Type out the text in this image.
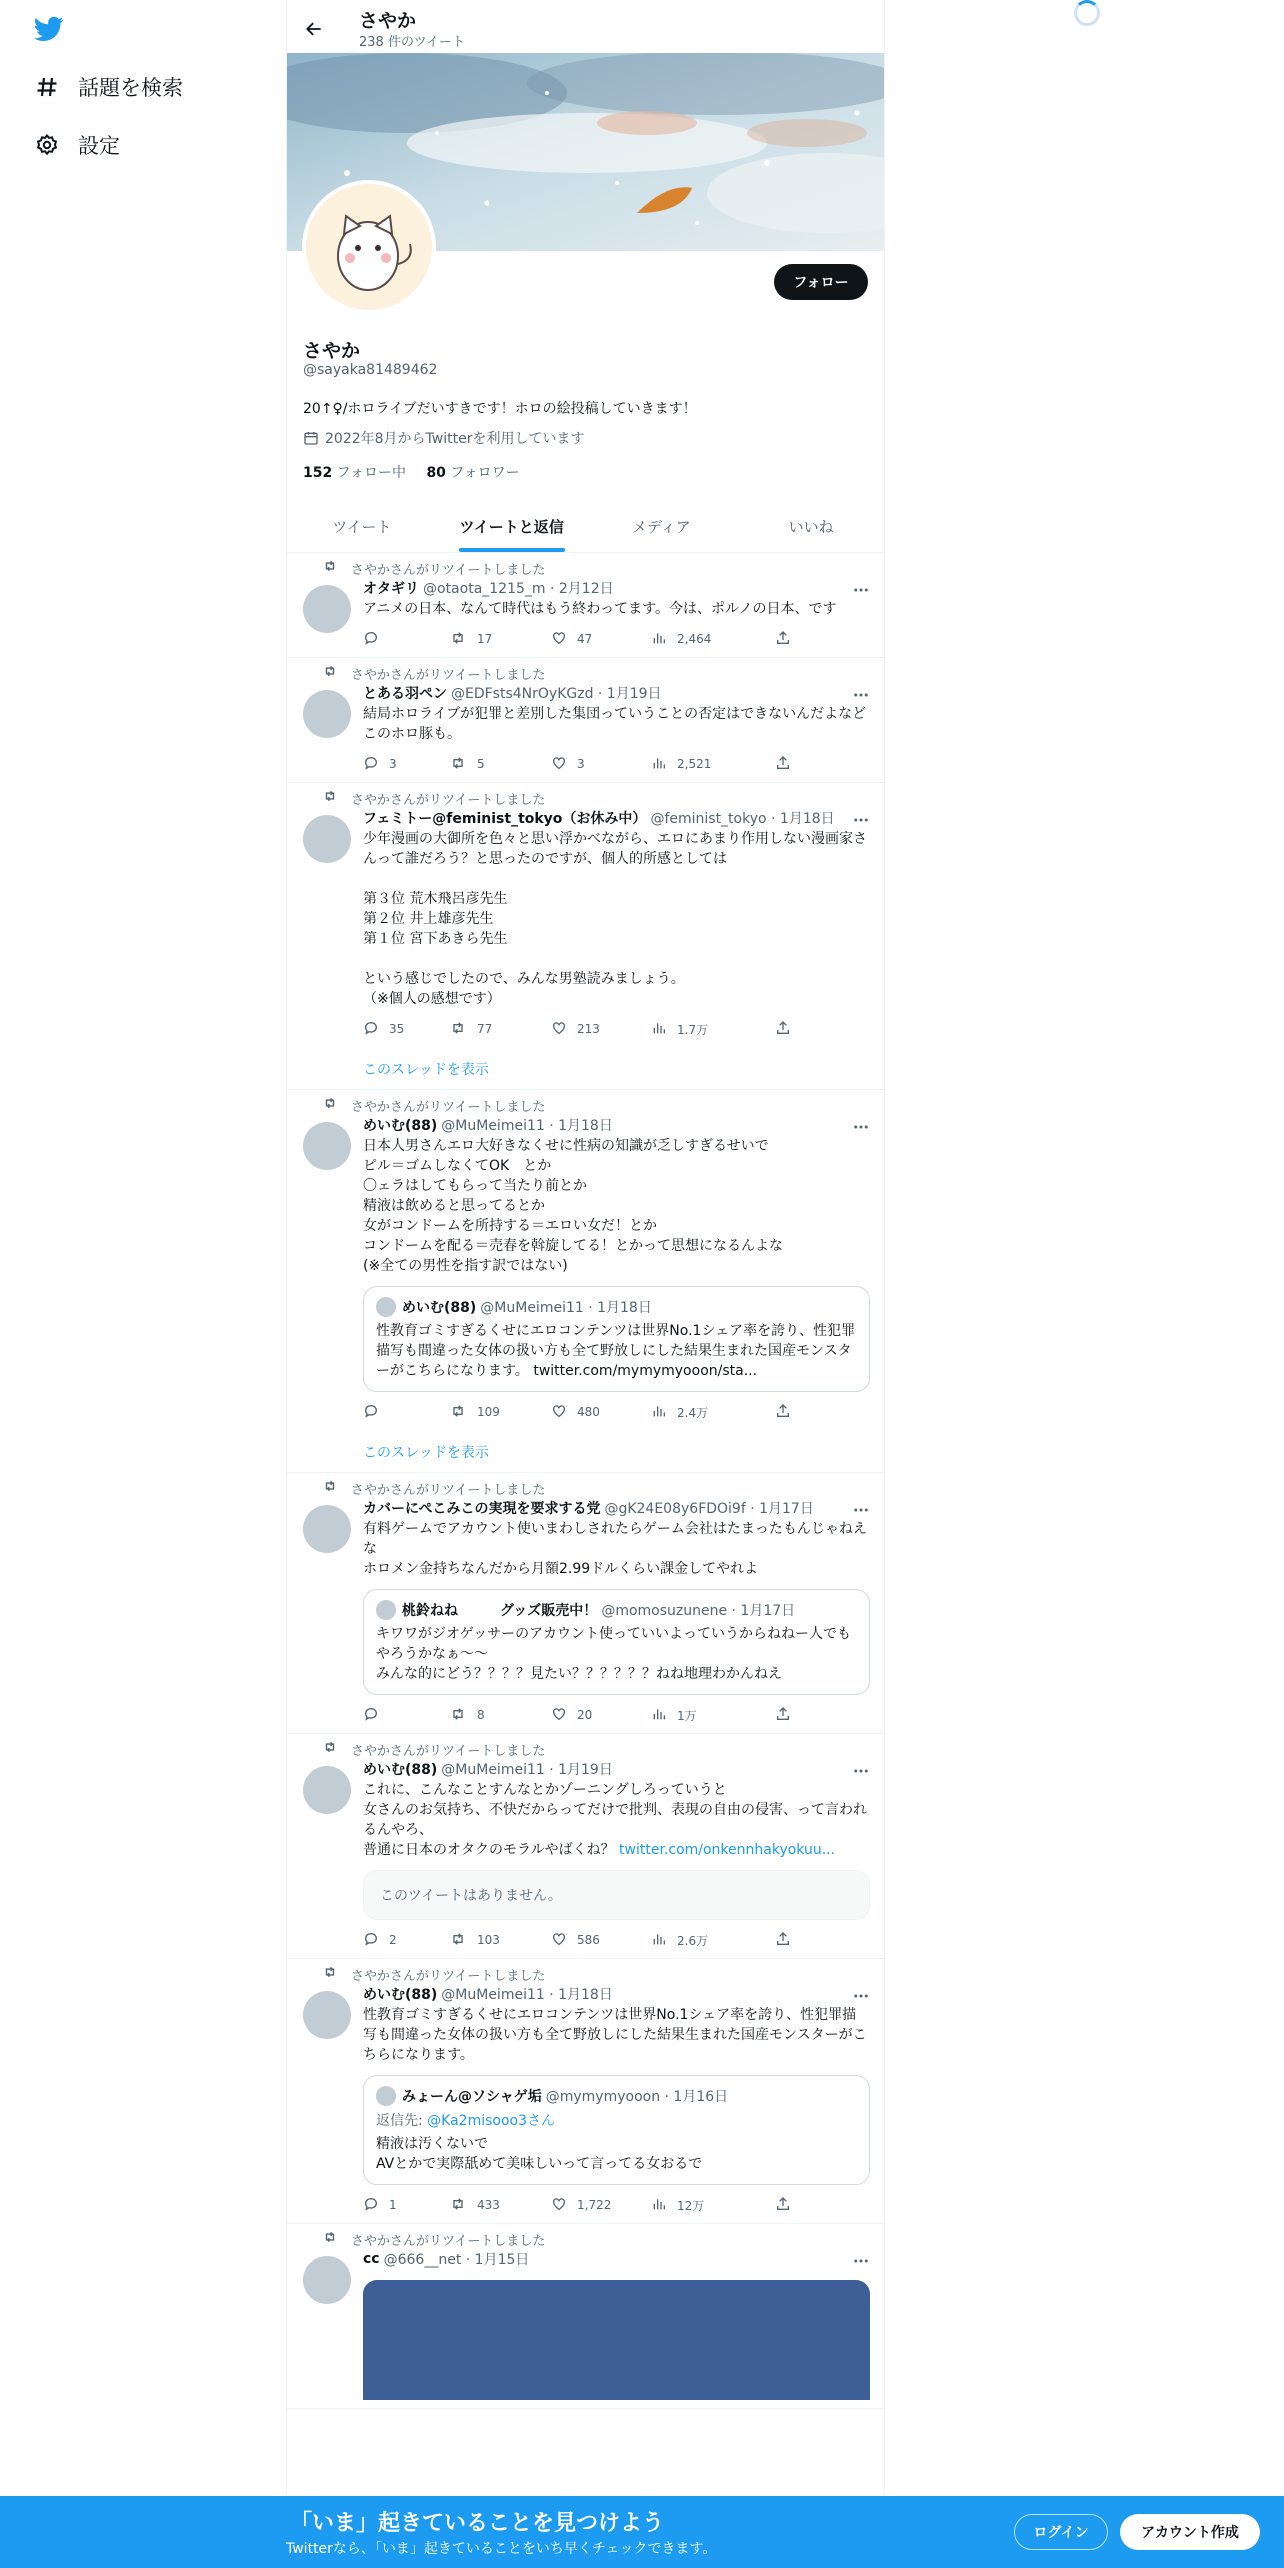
話題を検索
設定
さやか
238 件のツイート
フォロー
さやか
@sayaka81489462
20↑♀/ホロライブだいすきです！ホロの絵投稿していきます！
2022年8月からTwitterを利用しています
152 フォロー中 80 フォロワー
ツイート	ツイートと返信	メディア	いいね
さやかさんがリツイートしました
オタギリ @otaota_1215_m · 2月12日
アニメの日本、なんて時代はもう終わってます。今は、ポルノの日本、です
17	47	2,464
さやかさんがリツイートしました
とある羽ペン @EDFsts4NrOyKGzd · 1月19日
結局ホロライブが犯罪と差別した集団っていうことの否定はできないんだよなどこのホロ豚も。
3	5	3	2,521
さやかさんがリツイートしました
フェミトー@feminist_tokyo（お休み中） @feminist_tokyo · 1月18日
少年漫画の大御所を色々と思い浮かべながら、エロにあまり作用しない漫画家さんって誰だろう？と思ったのですが、個人的所感としては

第３位 荒木飛呂彦先生
第２位 井上雄彦先生
第１位 宮下あきら先生

という感じでしたので、みんな男塾読みましょう。
（※個人の感想です）
35	77	213	1.7万
このスレッドを表示
さやかさんがリツイートしました
めいむ(88) @MuMeimei11 · 1月18日
日本人男さんエロ大好きなくせに性病の知識が乏しすぎるせいで
ピル＝ゴムしなくてOK　とか
〇ェラはしてもらって当たり前とか
精液は飲めると思ってるとか
女がコンドームを所持する＝エロい女だ！とか
コンドームを配る＝売春を斡旋してる！とかって思想になるんよな
(※全ての男性を指す訳ではない)
めいむ(88) @MuMeimei11 · 1月18日
性教育ゴミすぎるくせにエロコンテンツは世界No.1シェア率を誇り、性犯罪描写も間違った女体の扱い方も全て野放しにした結果生まれた国産モンスターがこちらになります。 twitter.com/mymymyooon/sta...
109	480	2.4万
このスレッドを表示
さやかさんがリツイートしました
カバーにぺこみこの実現を要求する党 @gK24E08y6FDOi9f · 1月17日
有料ゲームでアカウント使いまわしされたらゲーム会社はたまったもんじゃねえな
ホロメン金持ちなんだから月額2.99ドルくらい課金してやれよ
桃鈴ねね　　　グッズ販売中！ @momosuzunene · 1月17日
キワワがジオゲッサーのアカウント使っていいよっていうからねねー人でもやろうかなぁ～～
みんな的にどう？？？？見たい？？？？？？ねね地理わかんねえ
8	20	1万
さやかさんがリツイートしました
めいむ(88) @MuMeimei11 · 1月19日
これに、こんなことすんなとかゾーニングしろっていうと
女さんのお気持ち、不快だからってだけで批判、表現の自由の侵害、って言われるんやろ、
普通に日本のオタクのモラルやばくね？ twitter.com/onkennhakyokuu...
このツイートはありません。
2	103	586	2.6万
さやかさんがリツイートしました
めいむ(88) @MuMeimei11 · 1月18日
性教育ゴミすぎるくせにエロコンテンツは世界No.1シェア率を誇り、性犯罪描写も間違った女体の扱い方も全て野放しにした結果生まれた国産モンスターがこちらになります。
みょーん@ソシャゲ垢 @mymymyooon · 1月16日
返信先: @Ka2misooo3さん
精液は汚くないで
AVとかで実際舐めて美味しいって言ってる女おるで
1	433	1,722	12万
さやかさんがリツイートしました
cc @666__net · 1月15日
「いま」起きていることを見つけよう
Twitterなら、「いま」起きていることをいち早くチェックできます。
ログイン	アカウント作成
